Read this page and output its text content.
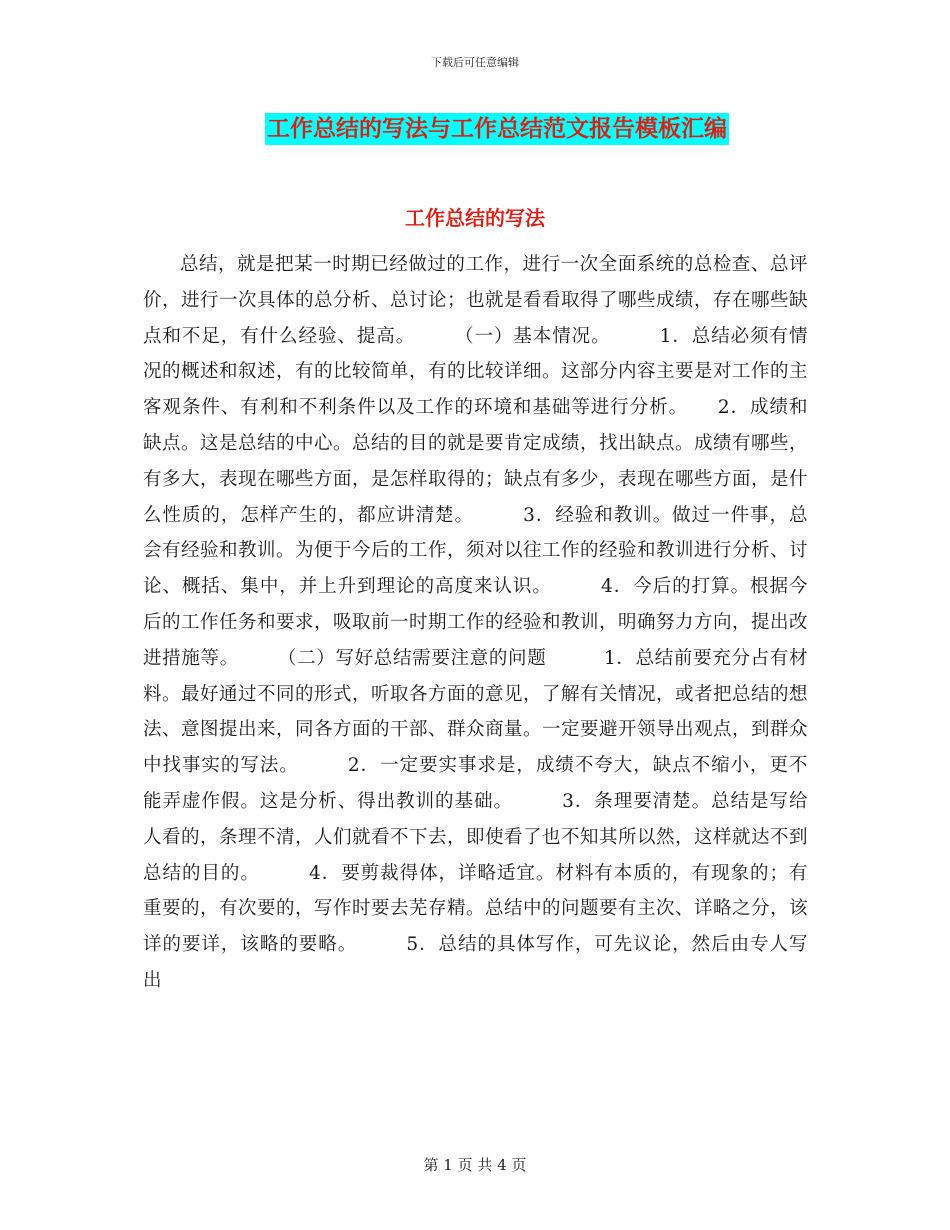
下载后可任意编辑
工作总结的写法与工作总结范文报告模板汇编
工作总结的写法
总结，就是把某一时期已经做过的工作，进行一次全面系统的总检查、总评价，进行一次具体的总分析、总讨论；也就是看看取得了哪些成绩，存在哪些缺点和不足，有什么经验、提高。　　　（一）基本情况。　　　1．总结必须有情况的概述和叙述，有的比较简单，有的比较详细。这部分内容主要是对工作的主客观条件、有利和不利条件以及工作的环境和基础等进行分析。　　2．成绩和缺点。这是总结的中心。总结的目的就是要肯定成绩，找出缺点。成绩有哪些，有多大，表现在哪些方面，是怎样取得的；缺点有多少，表现在哪些方面，是什么性质的，怎样产生的，都应讲清楚。　　　3．经验和教训。做过一件事，总会有经验和教训。为便于今后的工作，须对以往工作的经验和教训进行分析、讨论、概括、集中，并上升到理论的高度来认识。　　　4．今后的打算。根据今后的工作任务和要求，吸取前一时期工作的经验和教训，明确努力方向，提出改进措施等。　　　（二）写好总结需要注意的问题　　　1．总结前要充分占有材料。最好通过不同的形式，听取各方面的意见，了解有关情况，或者把总结的想法、意图提出来，同各方面的干部、群众商量。一定要避开领导出观点，到群众中找事实的写法。　　　2．一定要实事求是，成绩不夸大，缺点不缩小，更不能弄虚作假。这是分析、得出教训的基础。　　　3．条理要清楚。总结是写给人看的，条理不清，人们就看不下去，即使看了也不知其所以然，这样就达不到总结的目的。　　　4．要剪裁得体，详略适宜。材料有本质的，有现象的；有重要的，有次要的，写作时要去芜存精。总结中的问题要有主次、详略之分，该详的要详，该略的要略。　　　5．总结的具体写作，可先议论，然后由专人写出
第 1 页 共 4 页
